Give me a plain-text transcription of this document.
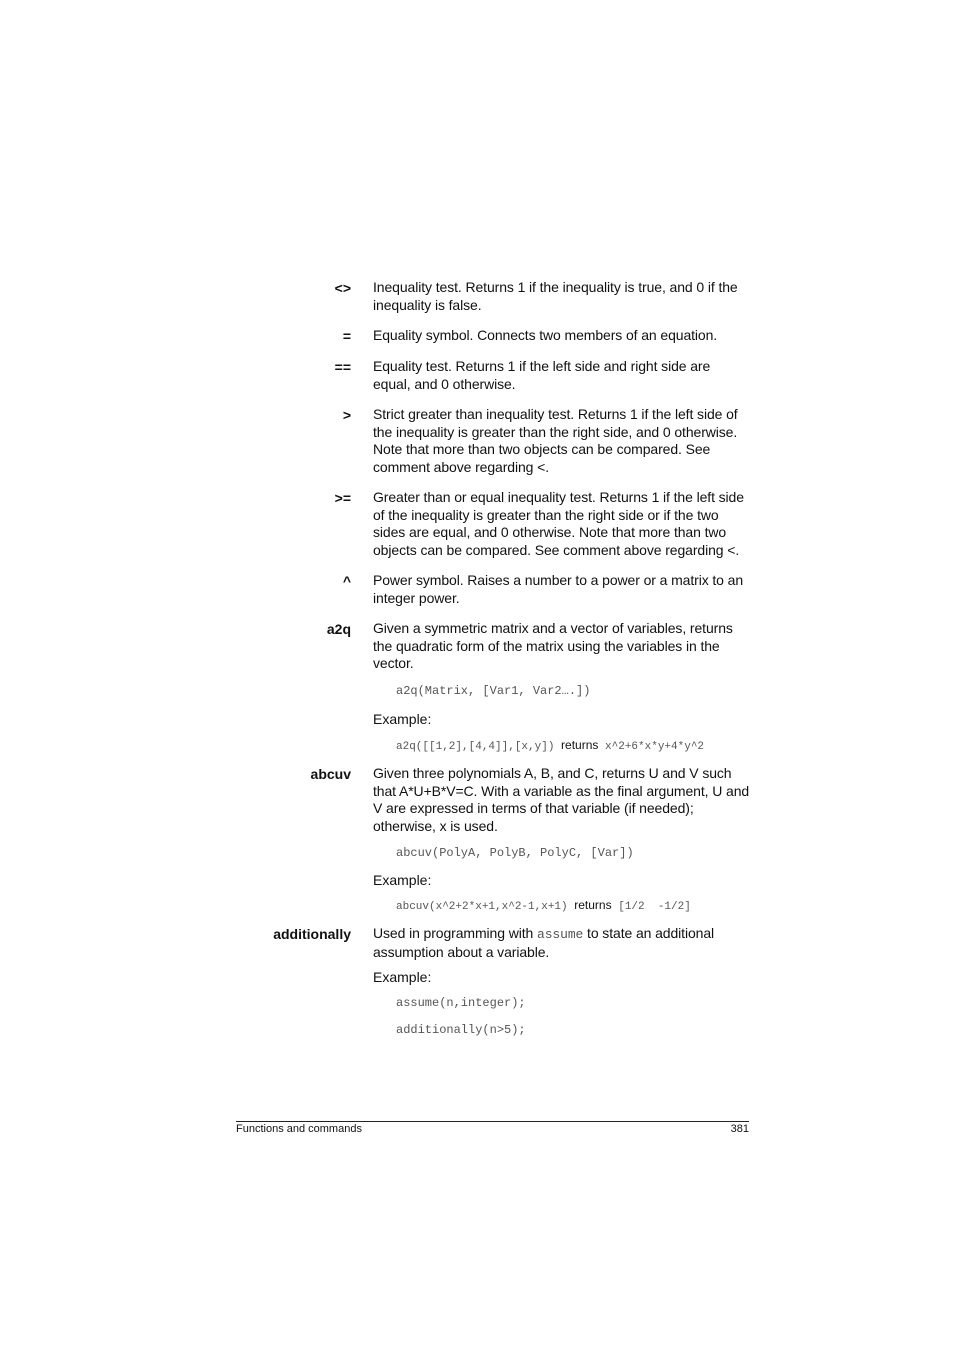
<> Inequality test. Returns 1 if the inequality is true, and 0 if the inequality is false.
= Equality symbol. Connects two members of an equation.
== Equality test. Returns 1 if the left side and right side are equal, and 0 otherwise.
> Strict greater than inequality test. Returns 1 if the left side of the inequality is greater than the right side, and 0 otherwise. Note that more than two objects can be compared. See comment above regarding <.
>= Greater than or equal inequality test. Returns 1 if the left side of the inequality is greater than the right side or if the two sides are equal, and 0 otherwise. Note that more than two objects can be compared. See comment above regarding <.
^ Power symbol. Raises a number to a power or a matrix to an integer power.
a2q Given a symmetric matrix and a vector of variables, returns the quadratic form of the matrix using the variables in the vector.
a2q(Matrix, [Var1, Var2….])
Example:
a2q([[1,2],[4,4]],[x,y]) returns x^2+6*x*y+4*y^2
abcuv Given three polynomials A, B, and C, returns U and V such that A*U+B*V=C. With a variable as the final argument, U and V are expressed in terms of that variable (if needed); otherwise, x is used.
abcuv(PolyA, PolyB, PolyC, [Var])
Example:
abcuv(x^2+2*x+1,x^2-1,x+1) returns [1/2  -1/2]
additionally Used in programming with assume to state an additional assumption about a variable.
Example:
assume(n,integer);
additionally(n>5);
Functions and commands	381
